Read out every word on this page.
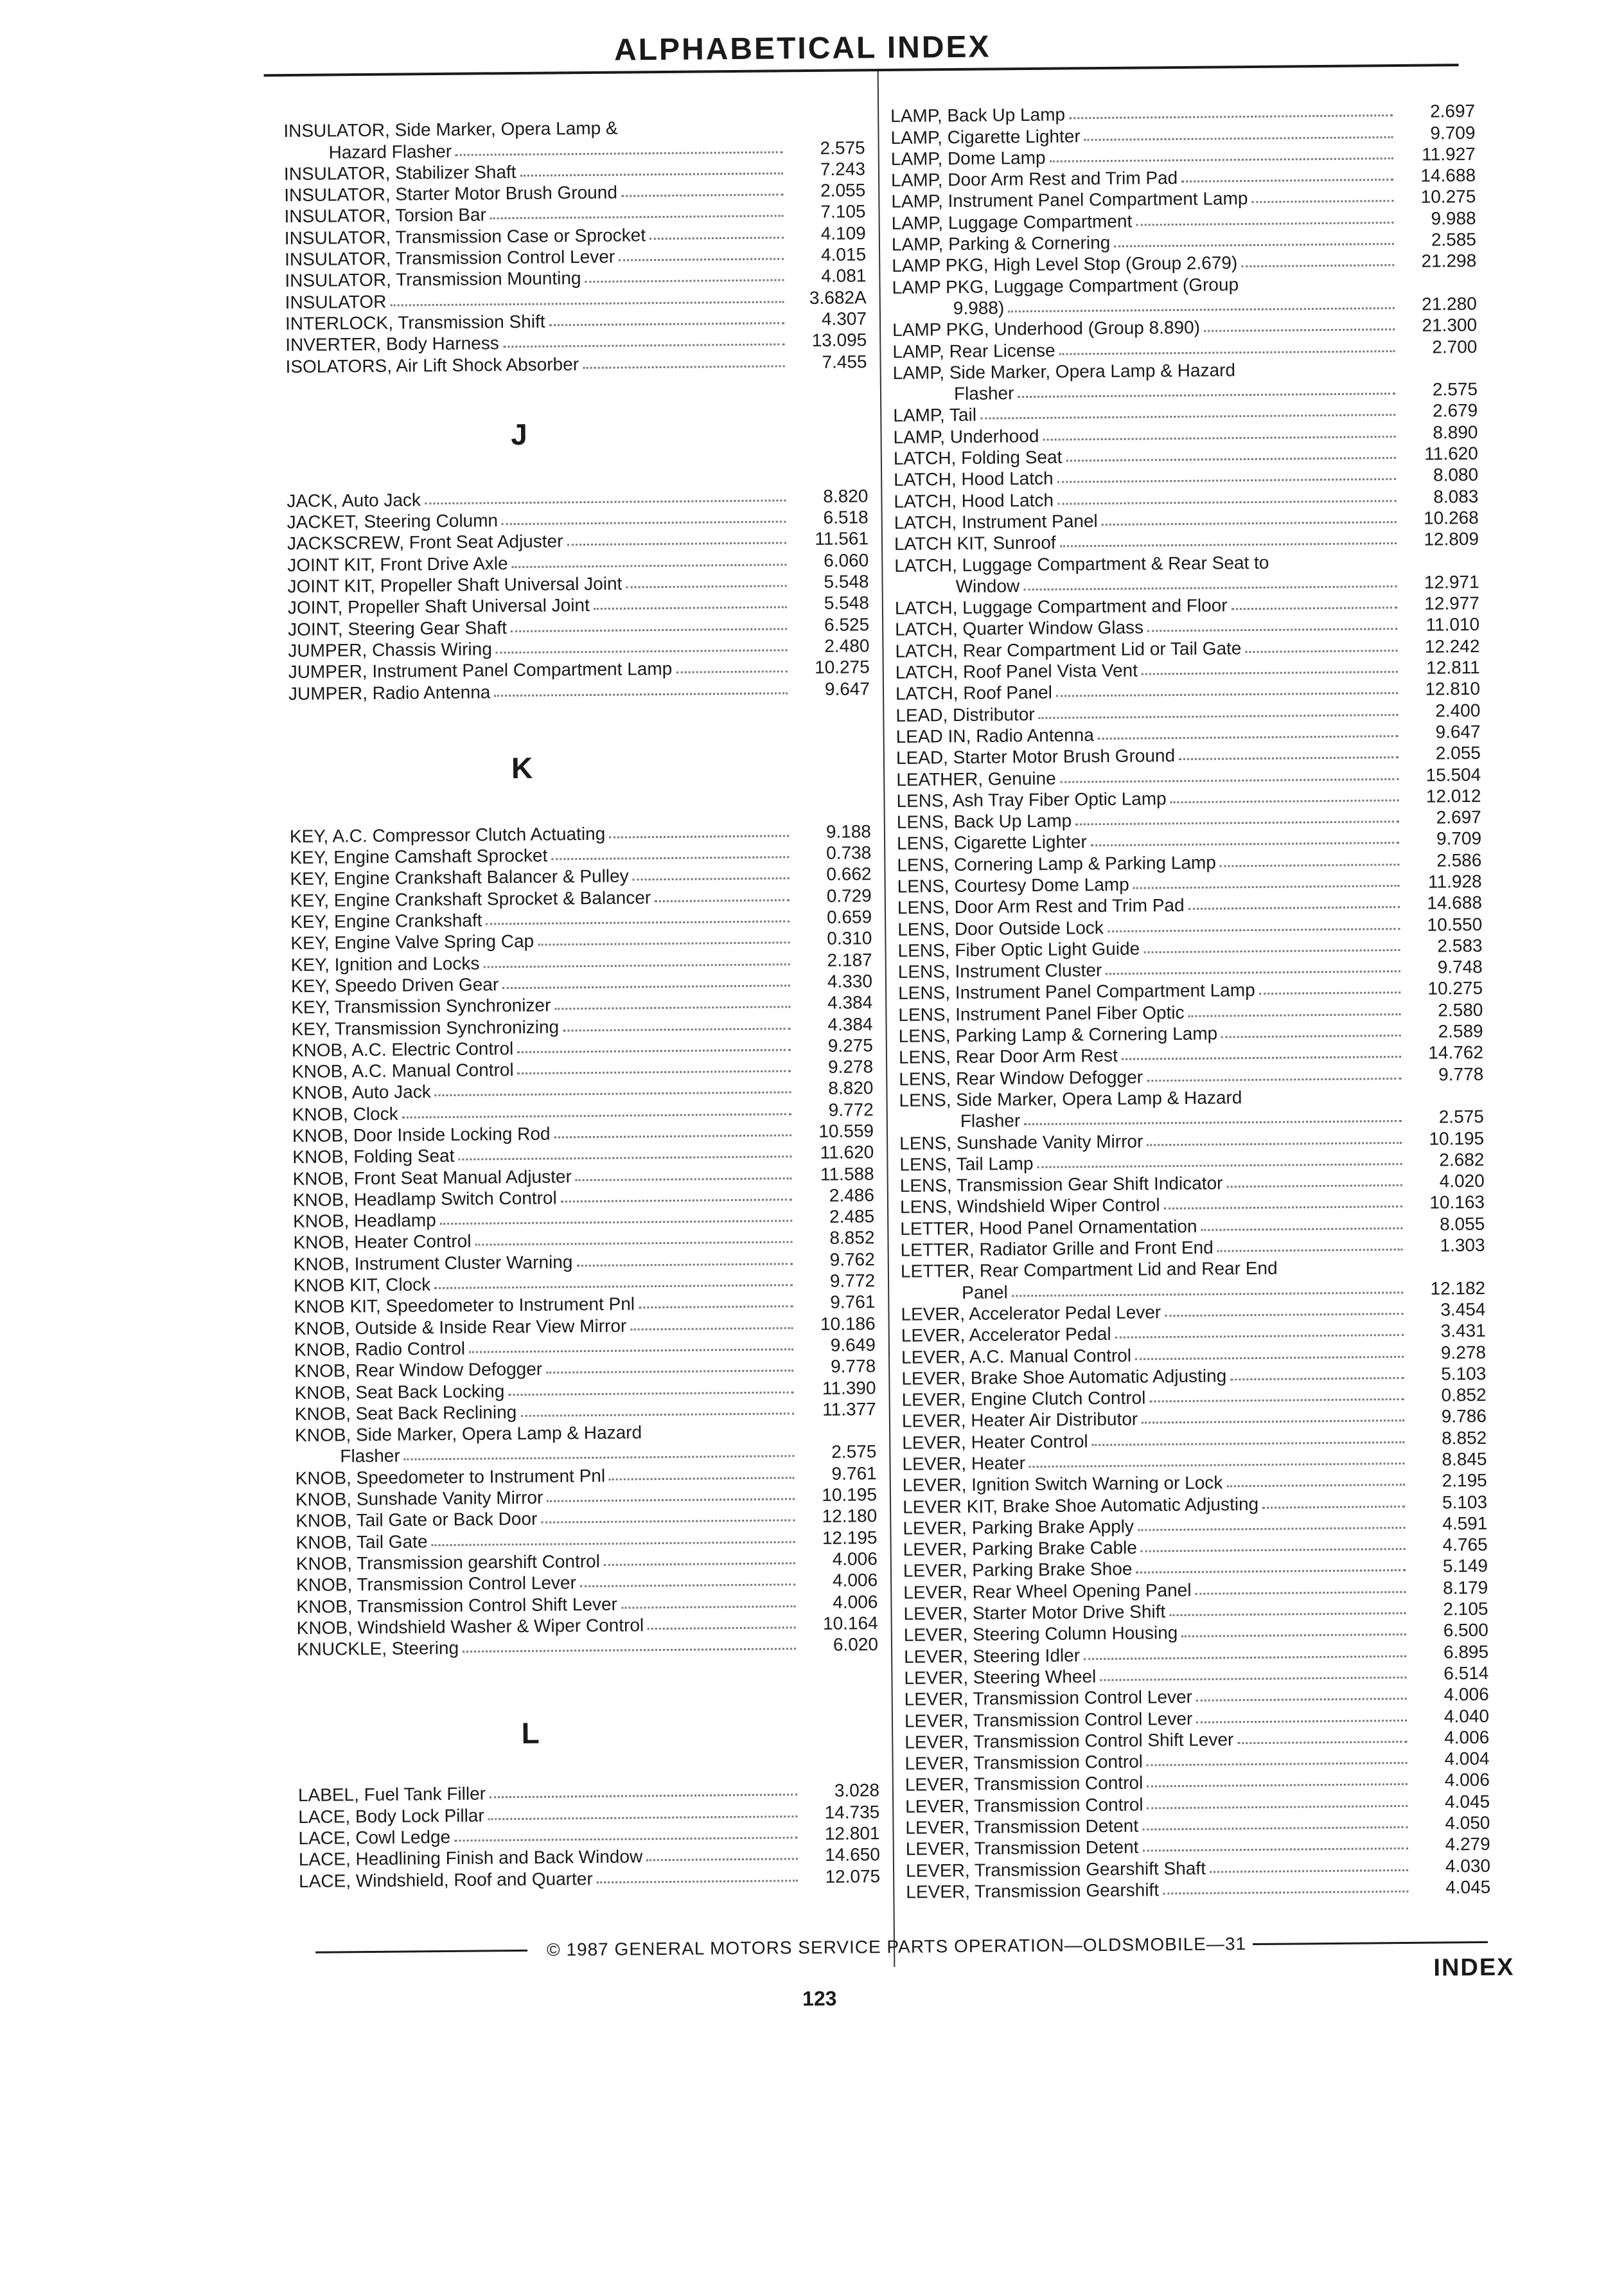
ALPHABETICAL INDEX
INSULATOR, Side Marker, Opera Lamp &
Hazard Flasher	2.575
INSULATOR, Stabilizer Shaft	7.243
INSULATOR, Starter Motor Brush Ground	2.055
INSULATOR, Torsion Bar	7.105
INSULATOR, Transmission Case or Sprocket	4.109
INSULATOR, Transmission Control Lever	4.015
INSULATOR, Transmission Mounting	4.081
INSULATOR	3.682A
INTERLOCK, Transmission Shift	4.307
INVERTER, Body Harness	13.095
ISOLATORS, Air Lift Shock Absorber	7.455
J
JACK, Auto Jack	8.820
JACKET, Steering Column	6.518
JACKSCREW, Front Seat Adjuster	11.561
JOINT KIT, Front Drive Axle	6.060
JOINT KIT, Propeller Shaft Universal Joint	5.548
JOINT, Propeller Shaft Universal Joint	5.548
JOINT, Steering Gear Shaft	6.525
JUMPER, Chassis Wiring	2.480
JUMPER, Instrument Panel Compartment Lamp	10.275
JUMPER, Radio Antenna	9.647
K
KEY, A.C. Compressor Clutch Actuating	9.188
KEY, Engine Camshaft Sprocket	0.738
KEY, Engine Crankshaft Balancer & Pulley	0.662
KEY, Engine Crankshaft Sprocket & Balancer	0.729
KEY, Engine Crankshaft	0.659
KEY, Engine Valve Spring Cap	0.310
KEY, Ignition and Locks	2.187
KEY, Speedo Driven Gear	4.330
KEY, Transmission Synchronizer	4.384
KEY, Transmission Synchronizing	4.384
KNOB, A.C. Electric Control	9.275
KNOB, A.C. Manual Control	9.278
KNOB, Auto Jack	8.820
KNOB, Clock	9.772
KNOB, Door Inside Locking Rod	10.559
KNOB, Folding Seat	11.620
KNOB, Front Seat Manual Adjuster	11.588
KNOB, Headlamp Switch Control	2.486
KNOB, Headlamp	2.485
KNOB, Heater Control	8.852
KNOB, Instrument Cluster Warning	9.762
KNOB KIT, Clock	9.772
KNOB KIT, Speedometer to Instrument Pnl	9.761
KNOB, Outside & Inside Rear View Mirror	10.186
KNOB, Radio Control	9.649
KNOB, Rear Window Defogger	9.778
KNOB, Seat Back Locking	11.390
KNOB, Seat Back Reclining	11.377
KNOB, Side Marker, Opera Lamp & Hazard
Flasher	2.575
KNOB, Speedometer to Instrument Pnl	9.761
KNOB, Sunshade Vanity Mirror	10.195
KNOB, Tail Gate or Back Door	12.180
KNOB, Tail Gate	12.195
KNOB, Transmission gearshift Control	4.006
KNOB, Transmission Control Lever	4.006
KNOB, Transmission Control Shift Lever	4.006
KNOB, Windshield Washer & Wiper Control	10.164
KNUCKLE, Steering	6.020
L
LABEL, Fuel Tank Filler	3.028
LACE, Body Lock Pillar	14.735
LACE, Cowl Ledge	12.801
LACE, Headlining Finish and Back Window	14.650
LACE, Windshield, Roof and Quarter	12.075
LAMP, Back Up Lamp	2.697
LAMP, Cigarette Lighter	9.709
LAMP, Dome Lamp	11.927
LAMP, Door Arm Rest and Trim Pad	14.688
LAMP, Instrument Panel Compartment Lamp	10.275
LAMP, Luggage Compartment	9.988
LAMP, Parking & Cornering	2.585
LAMP PKG, High Level Stop (Group 2.679)	21.298
LAMP PKG, Luggage Compartment (Group
9.988)	21.280
LAMP PKG, Underhood (Group 8.890)	21.300
LAMP, Rear License	2.700
LAMP, Side Marker, Opera Lamp & Hazard
Flasher	2.575
LAMP, Tail	2.679
LAMP, Underhood	8.890
LATCH, Folding Seat	11.620
LATCH, Hood Latch	8.080
LATCH, Hood Latch	8.083
LATCH, Instrument Panel	10.268
LATCH KIT, Sunroof	12.809
LATCH, Luggage Compartment & Rear Seat to
Window	12.971
LATCH, Luggage Compartment and Floor	12.977
LATCH, Quarter Window Glass	11.010
LATCH, Rear Compartment Lid or Tail Gate	12.242
LATCH, Roof Panel Vista Vent	12.811
LATCH, Roof Panel	12.810
LEAD, Distributor	2.400
LEAD IN, Radio Antenna	9.647
LEAD, Starter Motor Brush Ground	2.055
LEATHER, Genuine	15.504
LENS, Ash Tray Fiber Optic Lamp	12.012
LENS, Back Up Lamp	2.697
LENS, Cigarette Lighter	9.709
LENS, Cornering Lamp & Parking Lamp	2.586
LENS, Courtesy Dome Lamp	11.928
LENS, Door Arm Rest and Trim Pad	14.688
LENS, Door Outside Lock	10.550
LENS, Fiber Optic Light Guide	2.583
LENS, Instrument Cluster	9.748
LENS, Instrument Panel Compartment Lamp	10.275
LENS, Instrument Panel Fiber Optic	2.580
LENS, Parking Lamp & Cornering Lamp	2.589
LENS, Rear Door Arm Rest	14.762
LENS, Rear Window Defogger	9.778
LENS, Side Marker, Opera Lamp & Hazard
Flasher	2.575
LENS, Sunshade Vanity Mirror	10.195
LENS, Tail Lamp	2.682
LENS, Transmission Gear Shift Indicator	4.020
LENS, Windshield Wiper Control	10.163
LETTER, Hood Panel Ornamentation	8.055
LETTER, Radiator Grille and Front End	1.303
LETTER, Rear Compartment Lid and Rear End
Panel	12.182
LEVER, Accelerator Pedal Lever	3.454
LEVER, Accelerator Pedal	3.431
LEVER, A.C. Manual Control	9.278
LEVER, Brake Shoe Automatic Adjusting	5.103
LEVER, Engine Clutch Control	0.852
LEVER, Heater Air Distributor	9.786
LEVER, Heater Control	8.852
LEVER, Heater	8.845
LEVER, Ignition Switch Warning or Lock	2.195
LEVER KIT, Brake Shoe Automatic Adjusting	5.103
LEVER, Parking Brake Apply	4.591
LEVER, Parking Brake Cable	4.765
LEVER, Parking Brake Shoe	5.149
LEVER, Rear Wheel Opening Panel	8.179
LEVER, Starter Motor Drive Shift	2.105
LEVER, Steering Column Housing	6.500
LEVER, Steering Idler	6.895
LEVER, Steering Wheel	6.514
LEVER, Transmission Control Lever	4.006
LEVER, Transmission Control Lever	4.040
LEVER, Transmission Control Shift Lever	4.006
LEVER, Transmission Control	4.004
LEVER, Transmission Control	4.006
LEVER, Transmission Control	4.045
LEVER, Transmission Detent	4.050
LEVER, Transmission Detent	4.279
LEVER, Transmission Gearshift Shaft	4.030
LEVER, Transmission Gearshift	4.045
© 1987 GENERAL MOTORS SERVICE PARTS OPERATION—OLDSMOBILE—31
INDEX
123
